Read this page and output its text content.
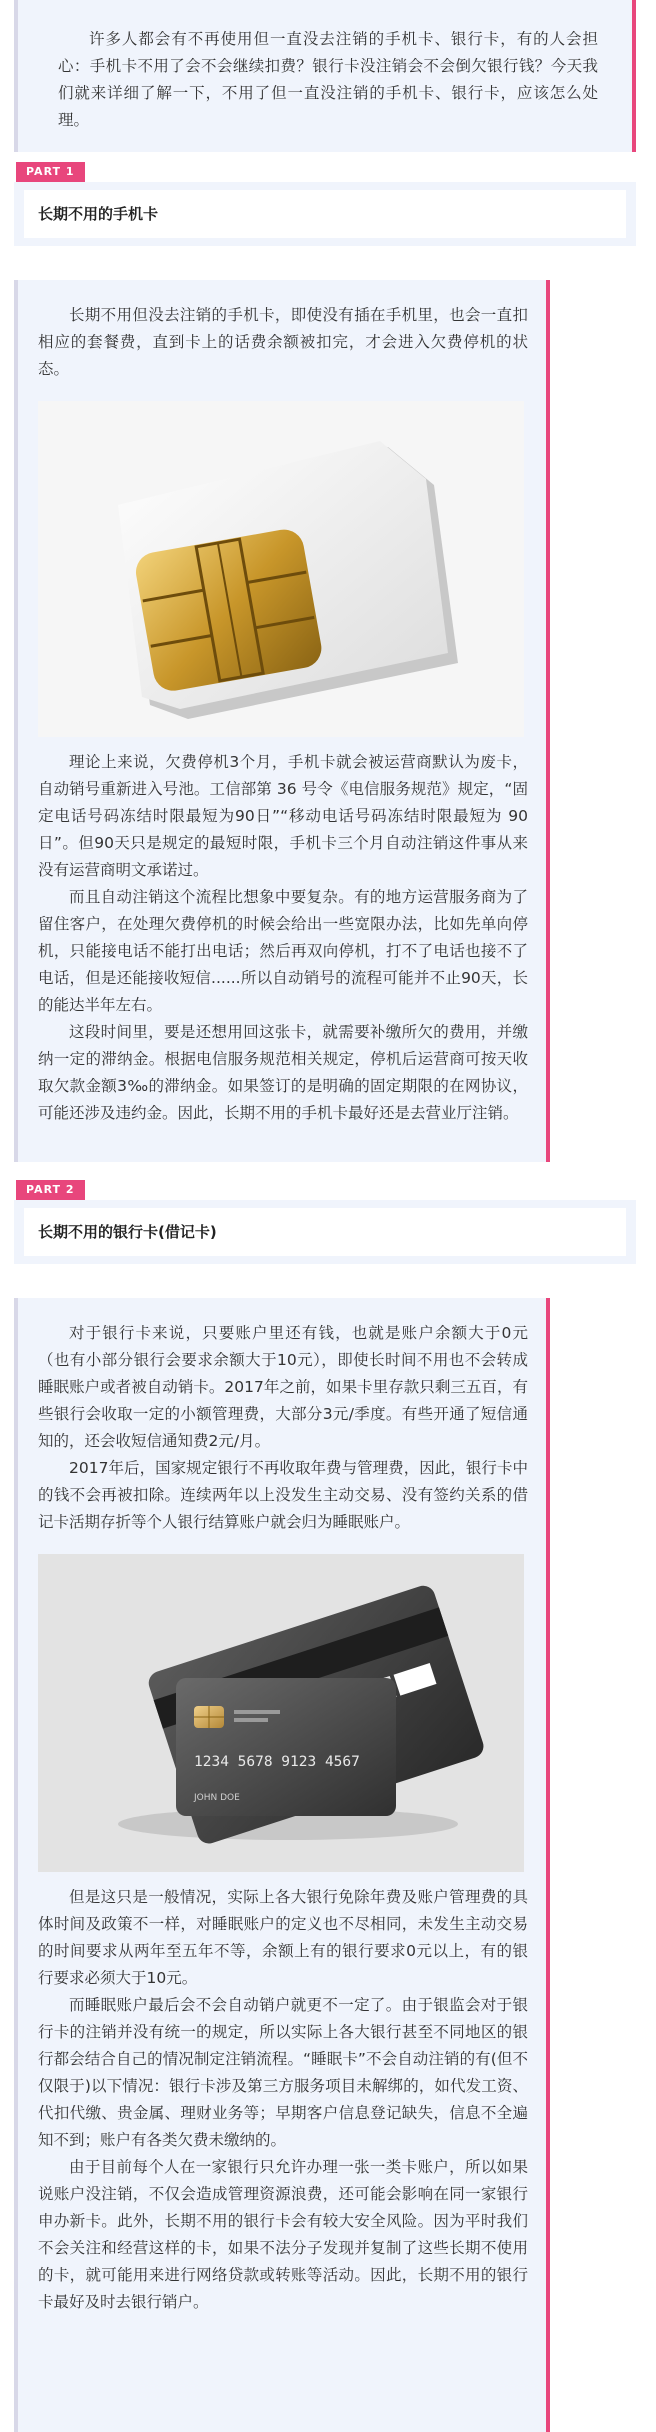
许多人都会有不再使用但一直没去注销的手机卡、银行卡，有的人会担心：手机卡不用了会不会继续扣费？银行卡没注销会不会倒欠银行钱？今天我们就来详细了解一下，不用了但一直没注销的手机卡、银行卡，应该怎么处理。

PART 1
长期不用的手机卡

长期不用但没去注销的手机卡，即使没有插在手机里，也会一直扣相应的套餐费，直到卡上的话费余额被扣完，才会进入欠费停机的状态。

理论上来说，欠费停机3个月，手机卡就会被运营商默认为废卡，自动销号重新进入号池。工信部第 36 号令《电信服务规范》规定，“固定电话号码冻结时限最短为90日”“移动电话号码冻结时限最短为 90日”。但90天只是规定的最短时限，手机卡三个月自动注销这件事从来没有运营商明文承诺过。

而且自动注销这个流程比想象中要复杂。有的地方运营服务商为了留住客户，在处理欠费停机的时候会给出一些宽限办法，比如先单向停机，只能接电话不能打出电话；然后再双向停机，打不了电话也接不了电话，但是还能接收短信......所以自动销号的流程可能并不止90天，长的能达半年左右。

这段时间里，要是还想用回这张卡，就需要补缴所欠的费用，并缴纳一定的滞纳金。根据电信服务规范相关规定，停机后运营商可按天收取欠款金额3‰的滞纳金。如果签订的是明确的固定期限的在网协议，可能还涉及违约金。因此，长期不用的手机卡最好还是去营业厅注销。

PART 2
长期不用的银行卡(借记卡)

对于银行卡来说，只要账户里还有钱，也就是账户余额大于0元（也有小部分银行会要求余额大于10元），即使长时间不用也不会转成睡眠账户或者被自动销卡。2017年之前，如果卡里存款只剩三五百，有些银行会收取一定的小额管理费，大部分3元/季度。有些开通了短信通知的，还会收短信通知费2元/月。

2017年后，国家规定银行不再收取年费与管理费，因此，银行卡中的钱不会再被扣除。连续两年以上没发生主动交易、没有签约关系的借记卡活期存折等个人银行结算账户就会归为睡眠账户。

1234 5678 9123 4567
JOHN DOE

但是这只是一般情况，实际上各大银行免除年费及账户管理费的具体时间及政策不一样，对睡眠账户的定义也不尽相同，未发生主动交易的时间要求从两年至五年不等，余额上有的银行要求0元以上，有的银行要求必须大于10元。

而睡眠账户最后会不会自动销户就更不一定了。由于银监会对于银行卡的注销并没有统一的规定，所以实际上各大银行甚至不同地区的银行都会结合自己的情况制定注销流程。“睡眠卡”不会自动注销的有(但不仅限于)以下情况：银行卡涉及第三方服务项目未解绑的，如代发工资、代扣代缴、贵金属、理财业务等；早期客户信息登记缺失，信息不全遍知不到；账户有各类欠费未缴纳的。

由于目前每个人在一家银行只允许办理一张一类卡账户，所以如果说账户没注销，不仅会造成管理资源浪费，还可能会影响在同一家银行申办新卡。此外，长期不用的银行卡会有较大安全风险。因为平时我们不会关注和经营这样的卡，如果不法分子发现并复制了这些长期不使用的卡，就可能用来进行网络贷款或转账等活动。因此，长期不用的银行卡最好及时去银行销户。
